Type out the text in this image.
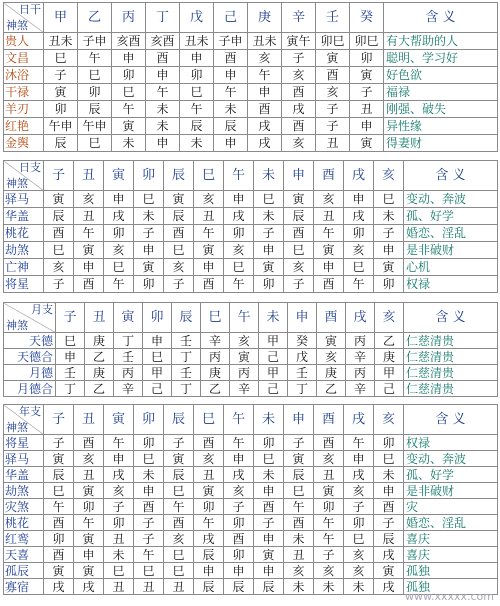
日干
神煞	甲	乙	丙	丁	戊	己	庚	辛	壬	癸	含 义
贵人	丑未	子申	亥酉	亥酉	丑未	子申	丑未	寅午	卯巳	卯巳	有大帮助的人
文昌	巳	午	申	酉	申	酉	亥	子	寅	卯	聪明、学习好
沐浴	子	巳	卯	申	卯	申	午	亥	酉	寅	好色欲
干禄	寅	卯	巳	午	巳	午	申	酉	亥	子	福禄
羊刃	卯	辰	午	未	午	未	酉	戌	子	丑	刚强、破失
红艳	午申	午申	寅	未	辰	辰	戌	酉	子	申	异性缘
金舆	辰	巳	未	申	未	申	戌	亥	丑	寅	得妻财
日支
神煞	子	丑	寅	卯	辰	巳	午	未	申	酉	戌	亥	含 义
驿马	寅	亥	申	巳	寅	亥	申	巳	寅	亥	申	巳	变动、奔波
华盖	辰	丑	戌	未	辰	丑	戌	未	辰	丑	戌	未	孤、好学
桃花	酉	午	卯	子	酉	午	卯	子	酉	午	卯	子	婚恋、淫乱
劫煞	巳	寅	亥	申	巳	寅	亥	申	巳	寅	亥	申	是非破财
亡神	亥	申	巳	寅	亥	申	巳	寅	亥	申	巳	寅	心机
将星	子	酉	午	卯	子	酉	午	卯	子	酉	午	卯	权禄
月支
神煞	子	丑	寅	卯	辰	巳	午	未	申	酉	戌	亥	含 义
天德	巳	庚	丁	申	壬	辛	亥	甲	癸	寅	丙	乙	仁慈清贵
天德合	申	乙	壬	巳	丁	丙	寅	己	戊	亥	辛	庚	仁慈清贵
月德	壬	庚	丙	甲	壬	庚	丙	甲	壬	庚	丙	甲	仁慈清贵
月德合	丁	乙	辛	己	丁	乙	辛	己	丁	乙	辛	己	仁慈清贵
年支
神煞	子	丑	寅	卯	辰	巳	午	未	申	酉	戌	亥	含 义
将星	子	酉	午	卯	子	酉	午	卯	子	酉	午	卯	权禄
驿马	寅	亥	申	巳	寅	亥	申	巳	寅	亥	申	巳	变动、奔波
华盖	辰	丑	戌	未	辰	丑	戌	未	辰	丑	戌	未	孤、好学
劫煞	巳	寅	亥	申	巳	寅	亥	申	巳	寅	亥	申	是非破财
灾煞	午	卯	子	酉	午	卯	子	酉	午	卯	子	酉	灾
桃花	酉	午	卯	子	酉	午	卯	子	酉	午	卯	子	婚恋、淫乱
红鸾	卯	寅	丑	子	亥	戌	酉	申	未	午	巳	辰	喜庆
天喜	酉	申	未	午	巳	辰	卯	寅	丑	子	亥	戌	喜庆
孤辰	寅	寅	巳	巳	巳	申	申	申	亥	亥	亥	寅	孤独
寡宿	戌	戌	丑	丑	丑	辰	辰	辰	未	未	未	戌	孤独
www.xxxxx.com
